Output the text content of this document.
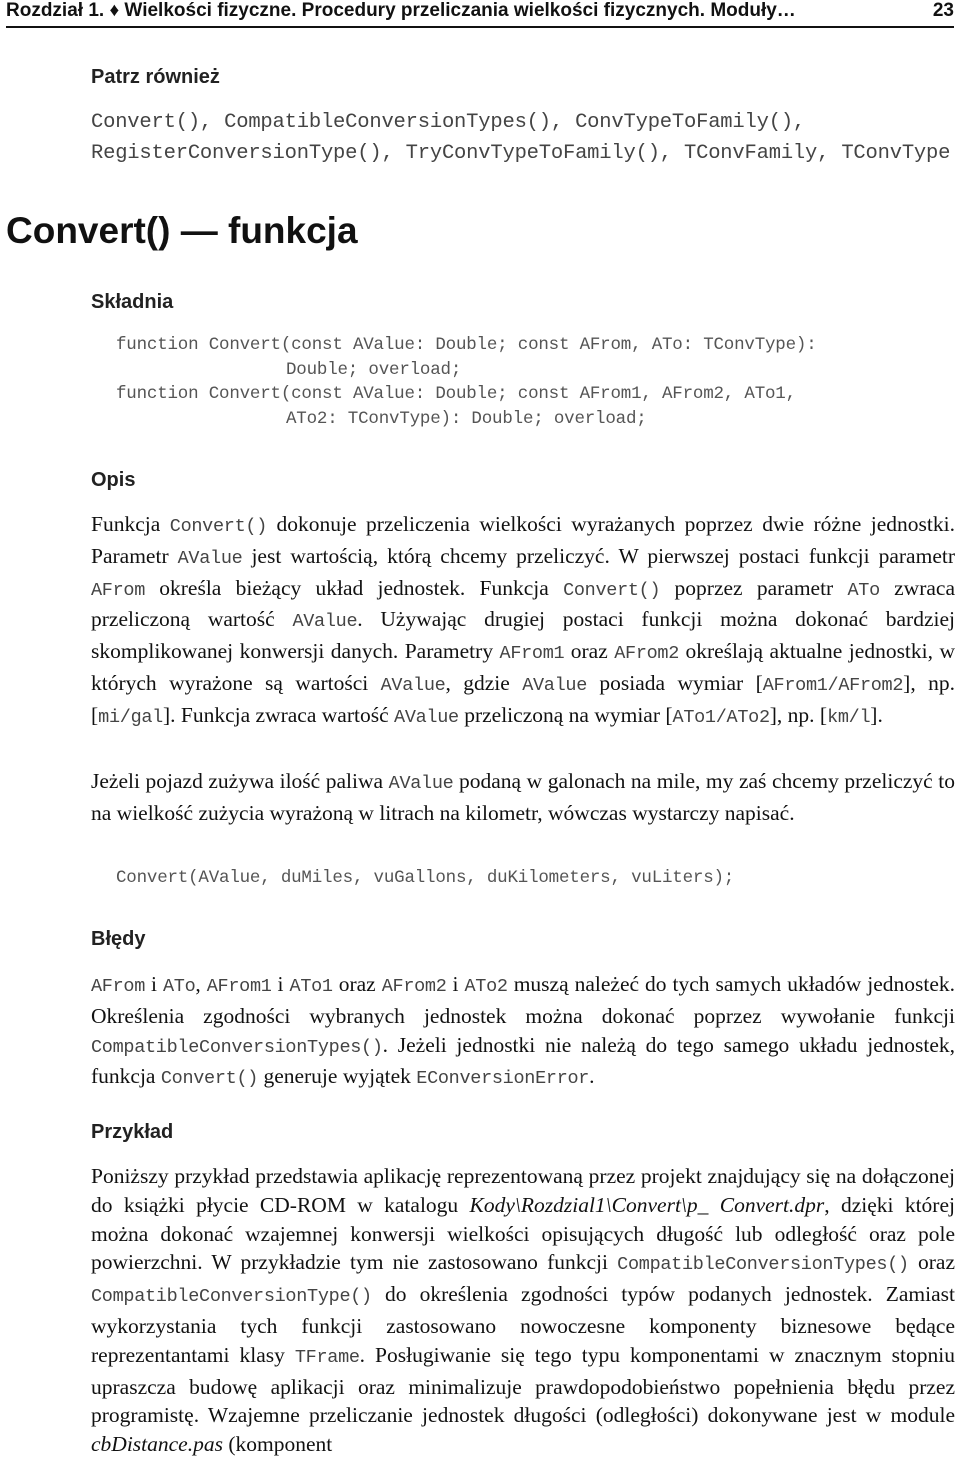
Rozdział 1. ♦ Wielkości fizyczne. Procedury przeliczania wielkości fizycznych. Moduły…	23
Patrz również
Convert(), CompatibleConversionTypes(), ConvTypeToFamily(),
RegisterConversionType(), TryConvTypeToFamily(), TConvFamily, TConvType
Convert() — funkcja
Składnia
function Convert(const AValue: Double; const AFrom, ATo: TConvType):
Double; overload;
function Convert(const AValue: Double; const AFrom1, AFrom2, ATo1,
ATo2: TConvType): Double; overload;
Opis
Funkcja Convert() dokonuje przeliczenia wielkości wyrażanych poprzez dwie różne jednostki. Parametr AValue jest wartością, którą chcemy przeliczyć. W pierwszej postaci funkcji parametr AFrom określa bieżący układ jednostek. Funkcja Convert() poprzez parametr ATo zwraca przeliczoną wartość AValue. Używając drugiej postaci funkcji można dokonać bardziej skomplikowanej konwersji danych. Parametry AFrom1 oraz AFrom2 określają aktualne jednostki, w których wyrażone są wartości AValue, gdzie AValue posiada wymiar [AFrom1/AFrom2], np. [mi/gal]. Funkcja zwraca wartość AValue przeliczoną na wymiar [ATo1/ATo2], np. [km/l].
Jeżeli pojazd zużywa ilość paliwa AValue podaną w galonach na mile, my zaś chcemy przeliczyć to na wielkość zużycia wyrażoną w litrach na kilometr, wówczas wystarczy napisać.
Convert(AValue, duMiles, vuGallons, duKilometers, vuLiters);
Błędy
AFrom i ATo, AFrom1 i ATo1 oraz AFrom2 i ATo2 muszą należeć do tych samych układów jednostek. Określenia zgodności wybranych jednostek można dokonać poprzez wywołanie funkcji CompatibleConversionTypes(). Jeżeli jednostki nie należą do tego samego układu jednostek, funkcja Convert() generuje wyjątek EConversionError.
Przykład
Poniższy przykład przedstawia aplikację reprezentowaną przez projekt znajdujący się na dołączonej do książki płycie CD-ROM w katalogu Kody\Rozdzial1\Convert\p_ Convert.dpr, dzięki której można dokonać wzajemnej konwersji wielkości opisujących długość lub odległość oraz pole powierzchni. W przykładzie tym nie zastosowano funkcji CompatibleConversionTypes() oraz CompatibleConversionType() do określenia zgodności typów podanych jednostek. Zamiast wykorzystania tych funkcji zastosowano nowoczesne komponenty biznesowe będące reprezentantami klasy TFrame. Posługiwanie się tego typu komponentami w znacznym stopniu upraszcza budowę aplikacji oraz minimalizuje prawdopodobieństwo popełnienia błędu przez programistę. Wzajemne przeliczanie jednostek długości (odległości) dokonywane jest w module cbDistance.pas (komponent
